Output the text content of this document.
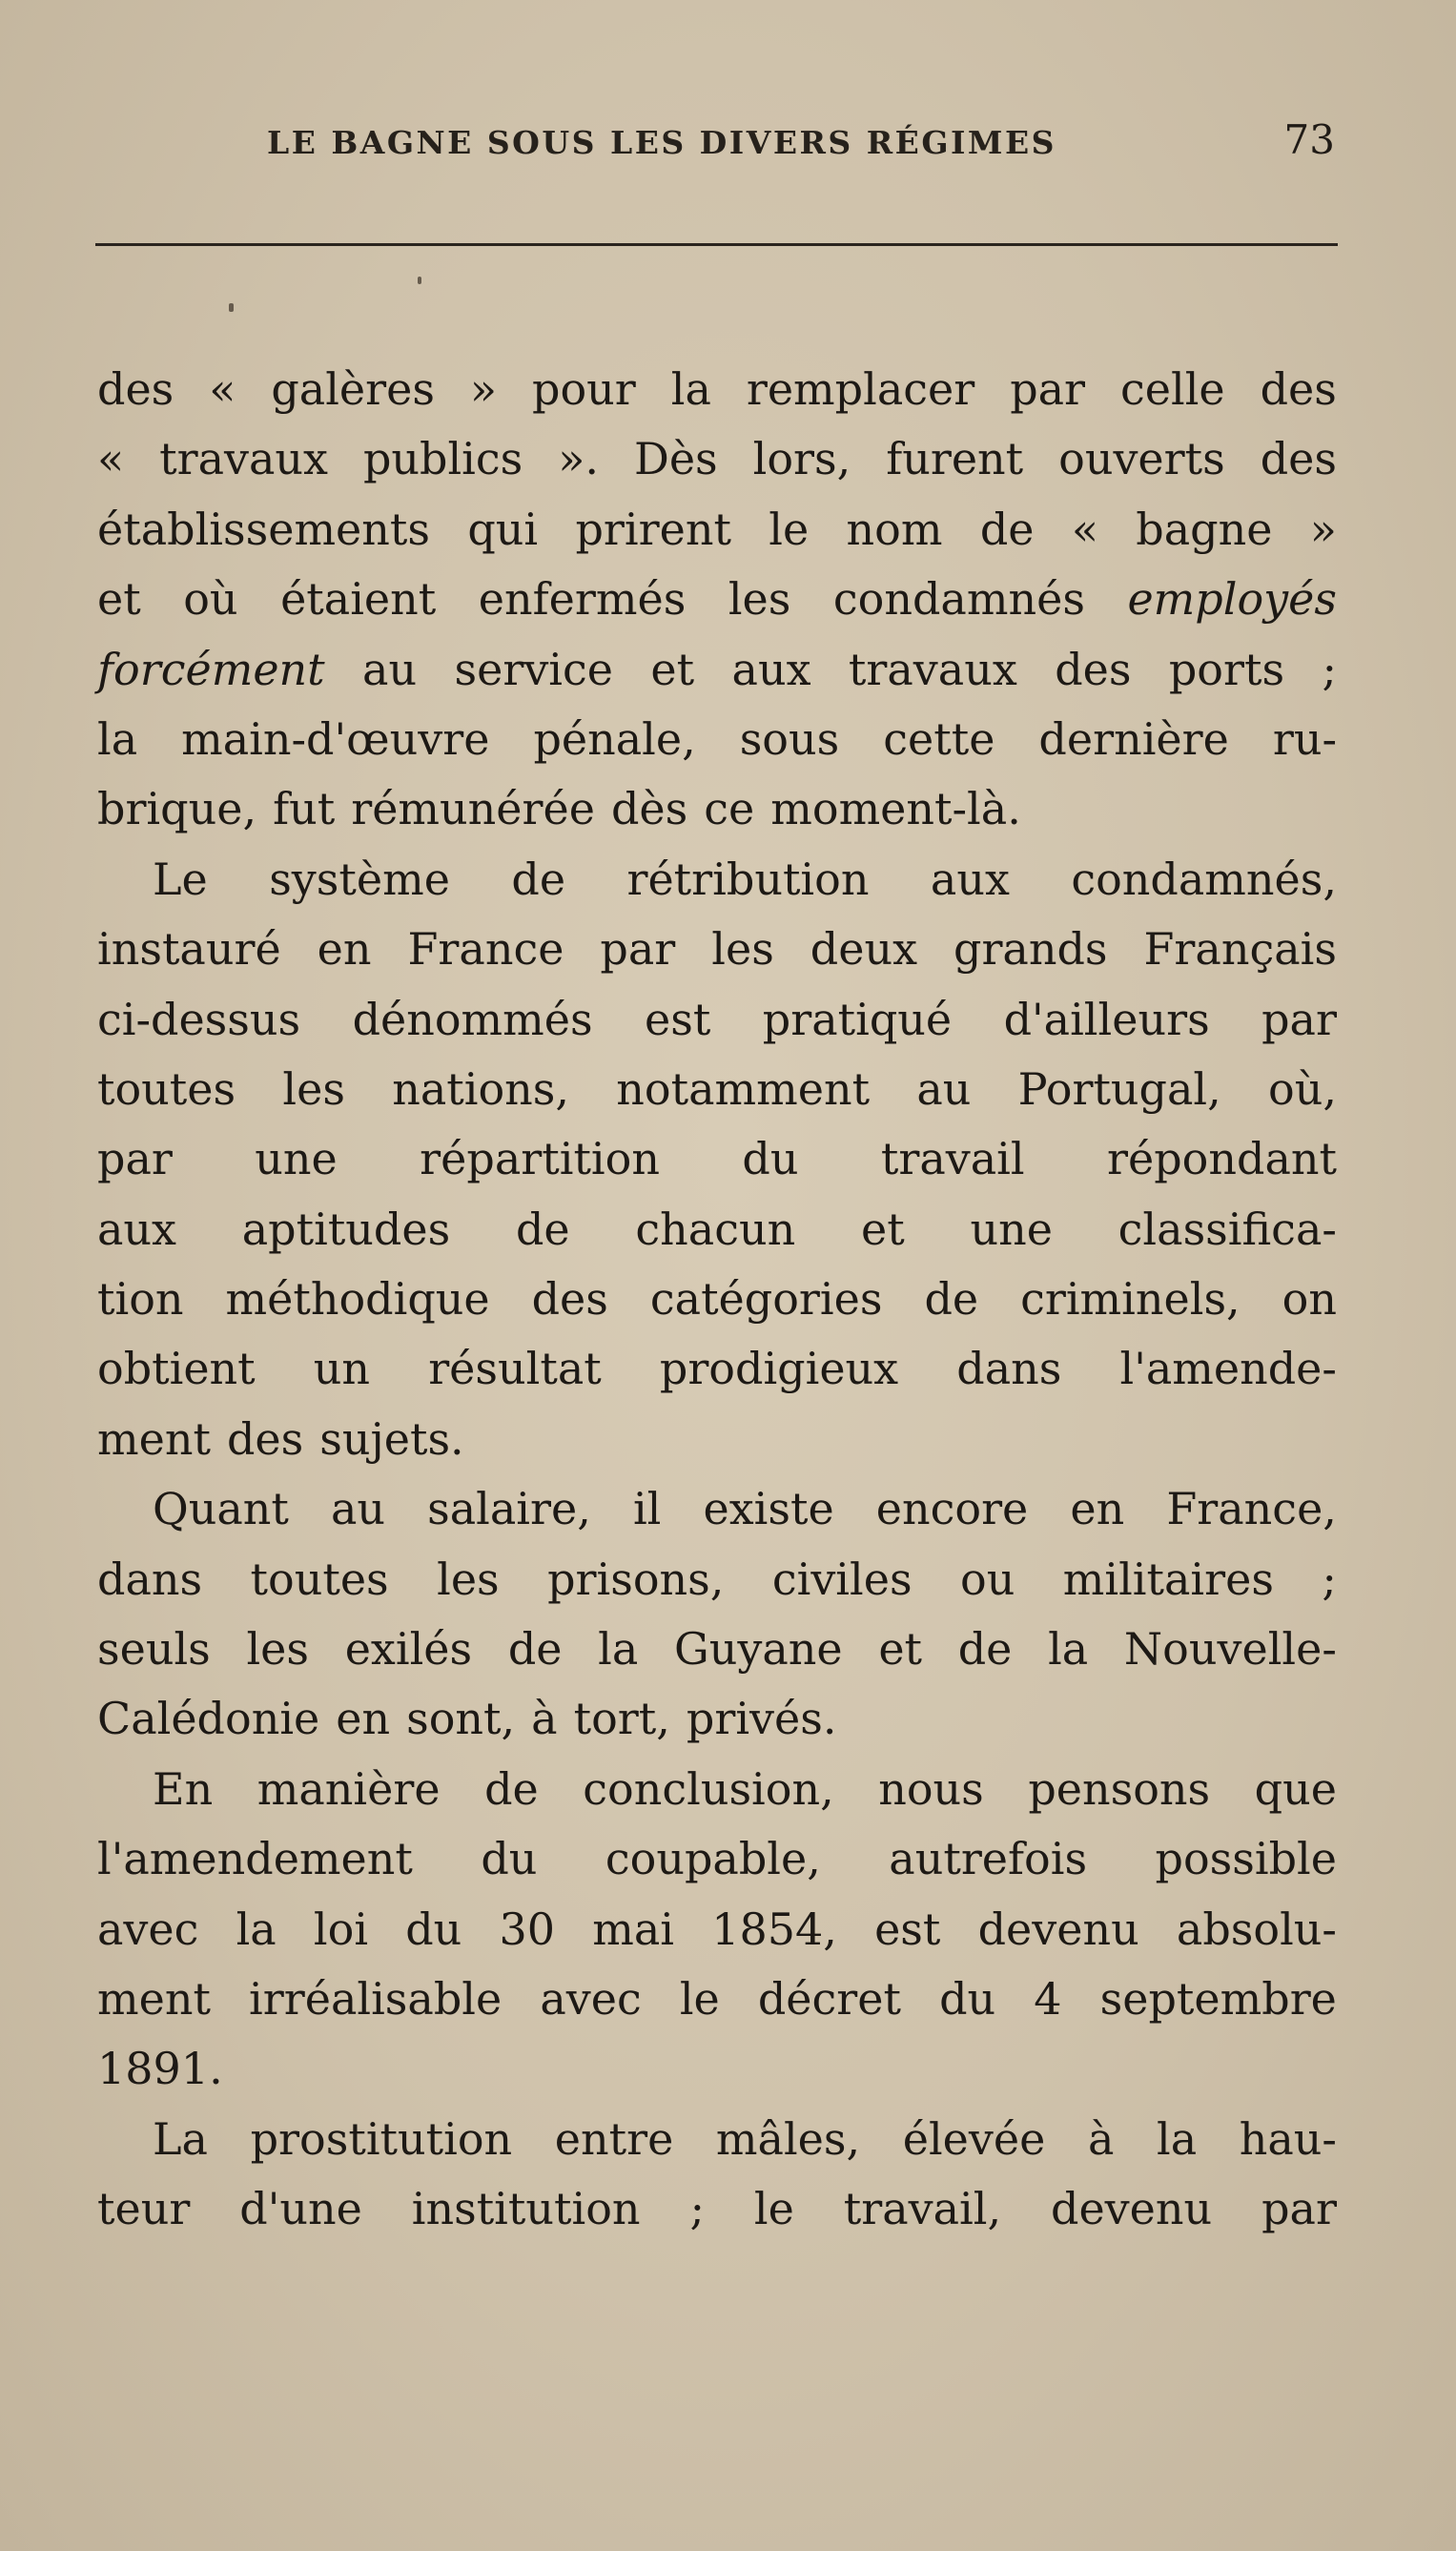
LE BAGNE SOUS LES DIVERS RÉGIMES	73
des « galères » pour la remplacer par celle des
« travaux publics ». Dès lors, furent ouverts des
établissements qui prirent le nom de « bagne »
et où étaient enfermés les condamnés employés
forcément au service et aux travaux des ports ;
la main-d'œuvre pénale, sous cette dernière ru-
brique, fut rémunérée dès ce moment-là.
Le système de rétribution aux condamnés,
instauré en France par les deux grands Français
ci-dessus dénommés est pratiqué d'ailleurs par
toutes les nations, notamment au Portugal, où,
par une répartition du travail répondant
aux aptitudes de chacun et une classifica-
tion méthodique des catégories de criminels, on
obtient un résultat prodigieux dans l'amende-
ment des sujets.
Quant au salaire, il existe encore en France,
dans toutes les prisons, civiles ou militaires ;
seuls les exilés de la Guyane et de la Nouvelle-
Calédonie en sont, à tort, privés.
En manière de conclusion, nous pensons que
l'amendement du coupable, autrefois possible
avec la loi du 30 mai 1854, est devenu absolu-
ment irréalisable avec le décret du 4 septembre
1891.
La prostitution entre mâles, élevée à la hau-
teur d'une institution ; le travail, devenu par
